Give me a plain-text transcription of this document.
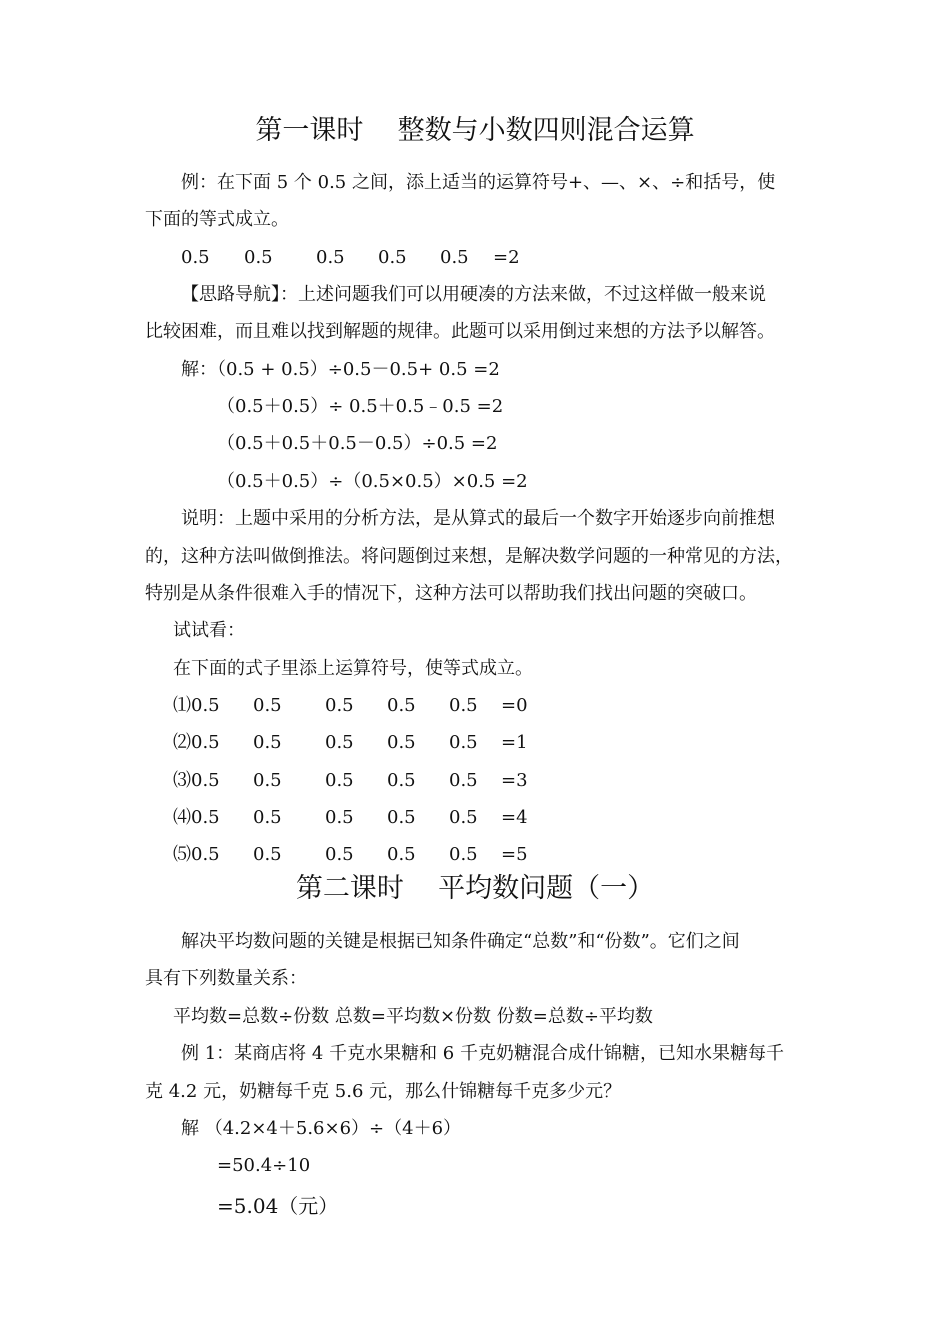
第一课时    整数与小数四则混合运算
例：在下面 5 个 0.5 之间，添上适当的运算符号+、—、×、÷和括号，使
下面的等式成立。
0.5 0.5 0.5 0.5 0.5 =2
【思路导航】：上述问题我们可以用硬凑的方法来做，不过这样做一般来说
比较困难，而且难以找到解题的规律。此题可以采用倒过来想的方法予以解答。
解：（0.5 + 0.5）÷0.5－0.5+ 0.5 =2
（0.5＋0.5）÷ 0.5＋0.5﹣0.5 =2
（0.5＋0.5＋0.5－0.5）÷0.5 =2
（0.5＋0.5）÷（0.5×0.5）×0.5 =2
说明：上题中采用的分析方法，是从算式的最后一个数字开始逐步向前推想
的，这种方法叫做倒推法。将问题倒过来想，是解决数学问题的一种常见的方法，
特别是从条件很难入手的情况下，这种方法可以帮助我们找出问题的突破口。
试试看：
在下面的式子里添上运算符号，使等式成立。
⑴ 0.5 0.5 0.5 0.5 0.5 =0
⑵ 0.5 0.5 0.5 0.5 0.5 =1
⑶ 0.5 0.5 0.5 0.5 0.5 =3
⑷ 0.5 0.5 0.5 0.5 0.5 =4
⑸ 0.5 0.5 0.5 0.5 0.5 =5
第二课时    平均数问题（一）
解决平均数问题的关键是根据已知条件确定“总数”和“份数”。它们之间
具有下列数量关系：
平均数=总数÷份数 总数=平均数×份数 份数=总数÷平均数
例 1：某商店将 4 千克水果糖和 6 千克奶糖混合成什锦糖，已知水果糖每千
克 4.2 元，奶糖每千克 5.6 元，那么什锦糖每千克多少元？
解 （4.2×4＋5.6×6）÷（4＋6）
=50.4÷10
=5.04（元）
